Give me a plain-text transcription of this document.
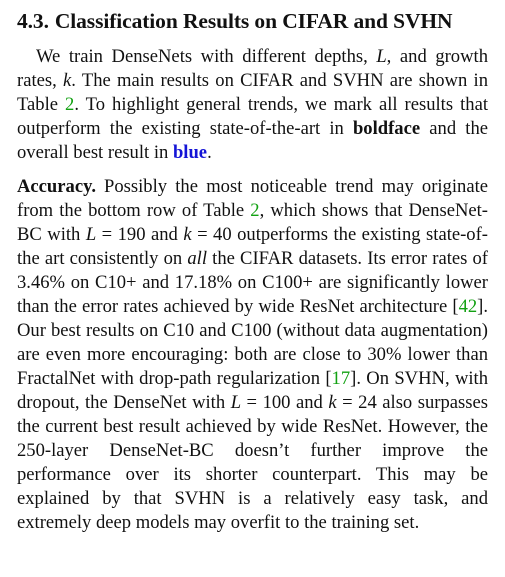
4.3. Classification Results on CIFAR and SVHN

We train DenseNets with different depths, L, and growth rates, k. The main results on CIFAR and SVHN are shown in Table 2. To highlight general trends, we mark all results that outperform the existing state-of-the-art in boldface and the overall best result in blue.

Accuracy. Possibly the most noticeable trend may originate from the bottom row of Table 2, which shows that DenseNet-BC with L = 190 and k = 40 outperforms the existing state-of-the art consistently on all the CIFAR datasets. Its error rates of 3.46% on C10+ and 17.18% on C100+ are significantly lower than the error rates achieved by wide ResNet architecture [42]. Our best results on C10 and C100 (without data augmentation) are even more encouraging: both are close to 30% lower than FractalNet with drop-path regularization [17]. On SVHN, with dropout, the DenseNet with L = 100 and k = 24 also surpasses the current best result achieved by wide ResNet. However, the 250-layer DenseNet-BC doesn’t further improve the performance over its shorter counterpart. This may be explained by that SVHN is a relatively easy task, and extremely deep models may overfit to the training set.
